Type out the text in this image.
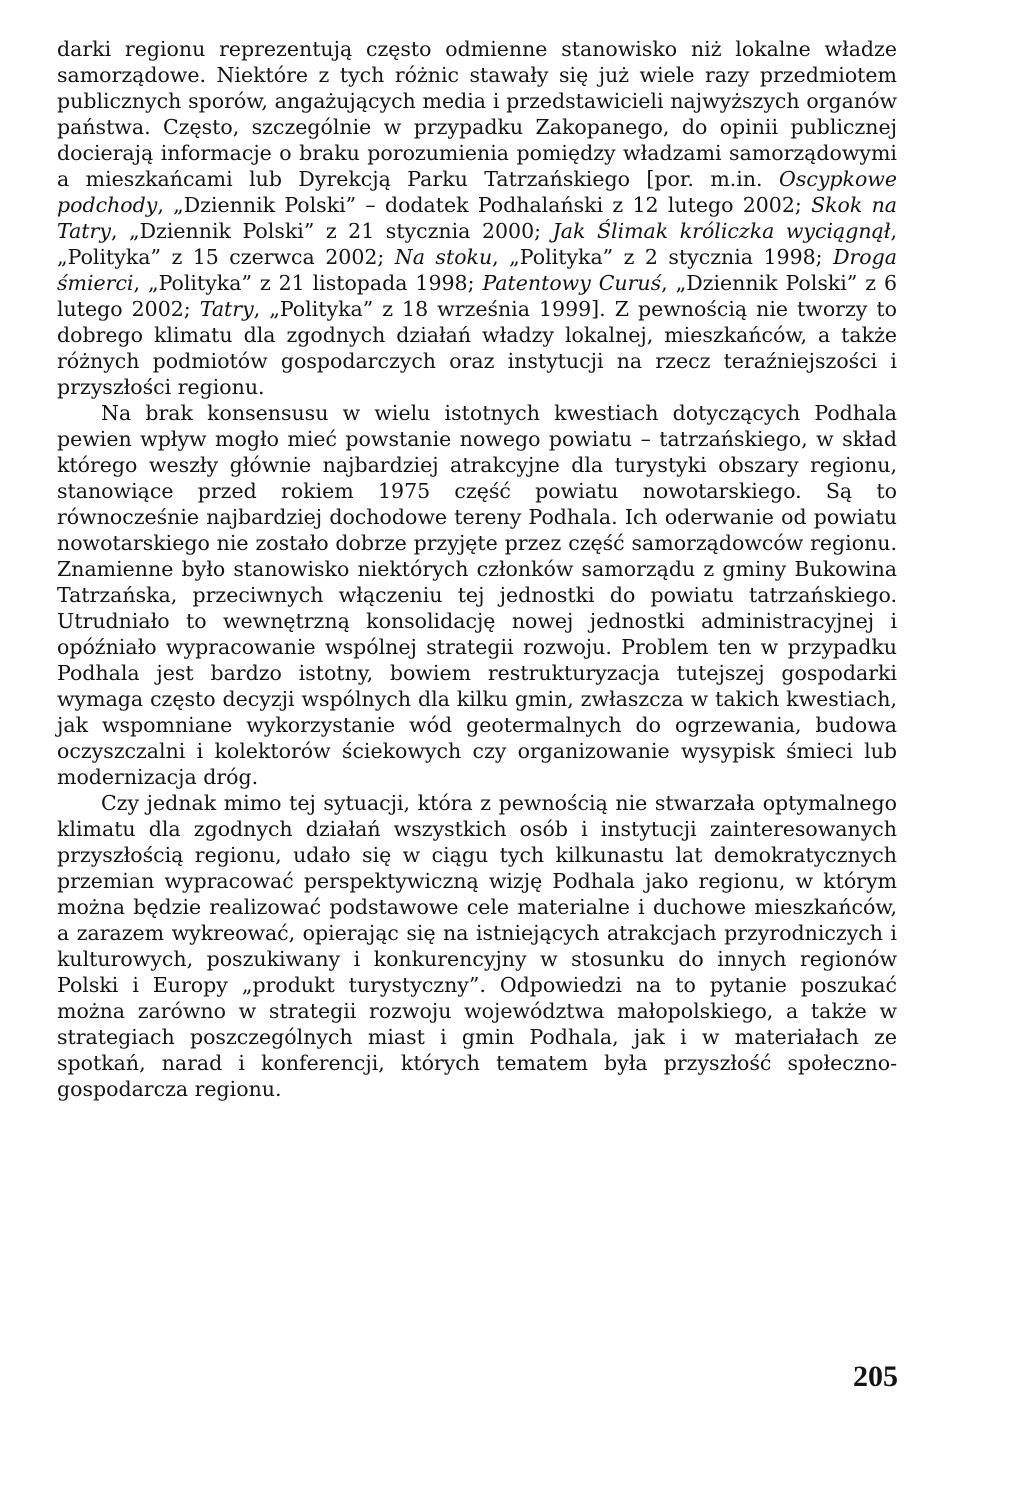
darki regionu reprezentują często odmienne stanowisko niż lokalne władze samorządowe. Niektóre z tych różnic stawały się już wiele razy przedmiotem publicznych sporów, angażujących media i przedstawicieli najwyższych organów państwa. Często, szczególnie w przypadku Zakopanego, do opinii publicznej docierają informacje o braku porozumienia pomiędzy władzami samorządowymi a mieszkańcami lub Dyrekcją Parku Tatrzańskiego [por. m.in. Oscypkowe podchody, „Dziennik Polski” – dodatek Podhalański z 12 lutego 2002; Skok na Tatry, „Dziennik Polski” z 21 stycznia 2000; Jak Ślimak króliczka wyciągnął, „Polityka” z 15 czerwca 2002; Na stoku, „Polityka” z 2 stycznia 1998; Droga śmierci, „Polityka” z 21 listopada 1998; Patentowy Curuś, „Dziennik Polski” z 6 lutego 2002; Tatry, „Polityka” z 18 września 1999]. Z pewnością nie tworzy to dobrego klimatu dla zgodnych działań władzy lokalnej, mieszkańców, a także różnych podmiotów gospodarczych oraz instytucji na rzecz teraźniejszości i przyszłości regionu.

Na brak konsensusu w wielu istotnych kwestiach dotyczących Podhala pewien wpływ mogło mieć powstanie nowego powiatu – tatrzańskiego, w skład którego weszły głównie najbardziej atrakcyjne dla turystyki obszary regionu, stanowiące przed rokiem 1975 część powiatu nowotarskiego. Są to równocześnie najbardziej dochodowe tereny Podhala. Ich oderwanie od powiatu nowotarskiego nie zostało dobrze przyjęte przez część samorządowców regionu. Znamienne było stanowisko niektórych członków samorządu z gminy Bukowina Tatrzańska, przeciwnych włączeniu tej jednostki do powiatu tatrzańskiego. Utrudniało to wewnętrzną konsolidację nowej jednostki administracyjnej i opóźniało wypracowanie wspólnej strategii rozwoju. Problem ten w przypadku Podhala jest bardzo istotny, bowiem restrukturyzacja tutejszej gospodarki wymaga często decyzji wspólnych dla kilku gmin, zwłaszcza w takich kwestiach, jak wspomniane wykorzystanie wód geotermalnych do ogrzewania, budowa oczyszczalni i kolektorów ściekowych czy organizowanie wysypisk śmieci lub modernizacja dróg.

Czy jednak mimo tej sytuacji, która z pewnością nie stwarzała optymalnego klimatu dla zgodnych działań wszystkich osób i instytucji zainteresowanych przyszłością regionu, udało się w ciągu tych kilkunastu lat demokratycznych przemian wypracować perspektywiczną wizję Podhala jako regionu, w którym można będzie realizować podstawowe cele materialne i duchowe mieszkańców, a zarazem wykreować, opierając się na istniejących atrakcjach przyrodniczych i kulturowych, poszukiwany i konkurencyjny w stosunku do innych regionów Polski i Europy „produkt turystyczny”. Odpowiedzi na to pytanie poszukać można zarówno w strategii rozwoju województwa małopolskiego, a także w strategiach poszczególnych miast i gmin Podhala, jak i w materiałach ze spotkań, narad i konferencji, których tematem była przyszłość społeczno-gospodarcza regionu.

205
